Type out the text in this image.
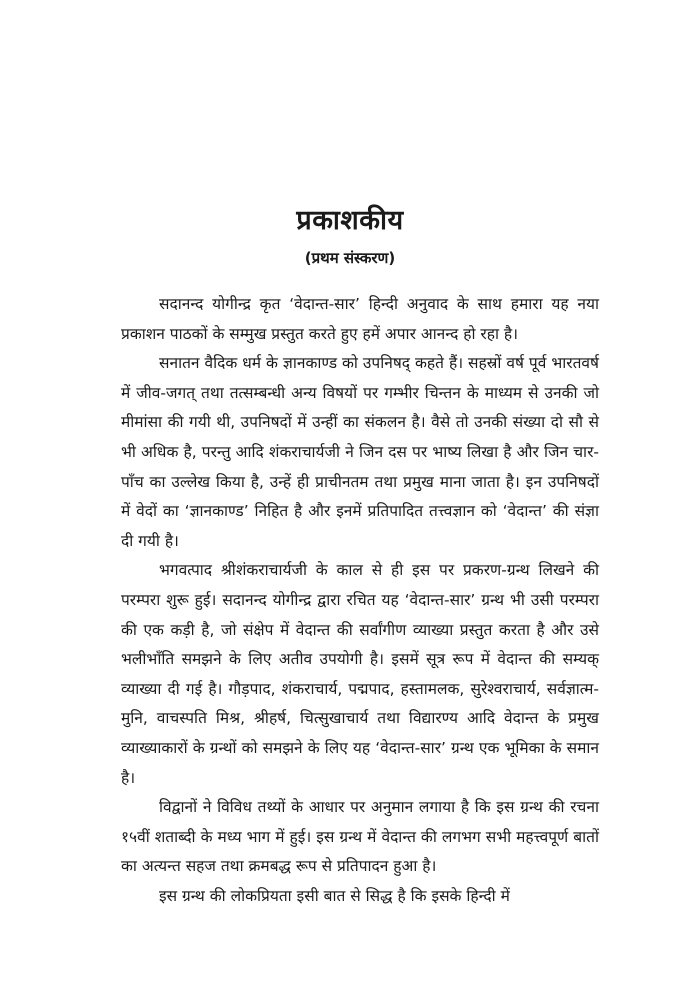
प्रकाशकीय
(प्रथम संस्करण)

सदानन्द योगीन्द्र कृत ‘वेदान्त-सार’ हिन्दी अनुवाद के साथ हमारा यह नया प्रकाशन पाठकों के सम्मुख प्रस्तुत करते हुए हमें अपार आनन्द हो रहा है।

सनातन वैदिक धर्म के ज्ञानकाण्ड को उपनिषद् कहते हैं। सहस्रों वर्ष पूर्व भारतवर्ष में जीव-जगत् तथा तत्सम्बन्धी अन्य विषयों पर गम्भीर चिन्तन के माध्यम से उनकी जो मीमांसा की गयी थी, उपनिषदों में उन्हीं का संकलन है। वैसे तो उनकी संख्या दो सौ से भी अधिक है, परन्तु आदि शंकराचार्यजी ने जिन दस पर भाष्य लिखा है और जिन चार-पाँच का उल्लेख किया है, उन्हें ही प्राचीनतम तथा प्रमुख माना जाता है। इन उपनिषदों में वेदों का ‘ज्ञानकाण्ड’ निहित है और इनमें प्रतिपादित तत्त्वज्ञान को ‘वेदान्त’ की संज्ञा दी गयी है।

भगवत्पाद श्रीशंकराचार्यजी के काल से ही इस पर प्रकरण-ग्रन्थ लिखने की परम्परा शुरू हुई। सदानन्द योगीन्द्र द्वारा रचित यह ‘वेदान्त-सार’ ग्रन्थ भी उसी परम्परा की एक कड़ी है, जो संक्षेप में वेदान्त की सर्वांगीण व्याख्या प्रस्तुत करता है और उसे भलीभाँति समझने के लिए अतीव उपयोगी है। इसमें सूत्र रूप में वेदान्त की सम्यक् व्याख्या दी गई है। गौड़पाद, शंकराचार्य, पद्मपाद, हस्तामलक, सुरेश्वराचार्य, सर्वज्ञात्म-मुनि, वाचस्पति मिश्र, श्रीहर्ष, चित्सुखाचार्य तथा विद्यारण्य आदि वेदान्त के प्रमुख व्याख्याकारों के ग्रन्थों को समझने के लिए यह ‘वेदान्त-सार’ ग्रन्थ एक भूमिका के समान है।

विद्वानों ने विविध तथ्यों के आधार पर अनुमान लगाया है कि इस ग्रन्थ की रचना १५वीं शताब्दी के मध्य भाग में हुई। इस ग्रन्थ में वेदान्त की लगभग सभी महत्त्वपूर्ण बातों का अत्यन्त सहज तथा क्रमबद्ध रूप से प्रतिपादन हुआ है।

इस ग्रन्थ की लोकप्रियता इसी बात से सिद्ध है कि इसके हिन्दी में
